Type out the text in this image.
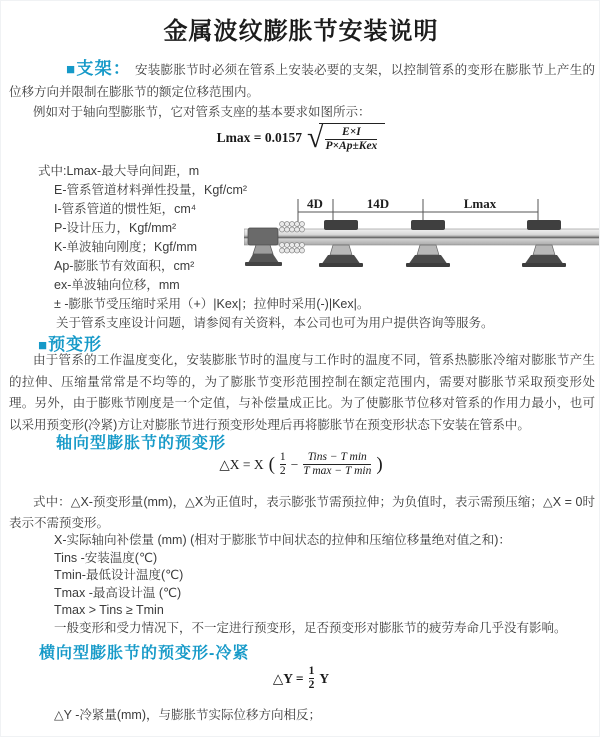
金属波纹膨胀节安装说明
■支架： 安装膨胀节时必须在管系上安装必要的支架，以控制管系的变形在膨胀节上产生的位移方向并限制在膨胀节的额定位移范围内。
例如对于轴向型膨胀节，它对管系支座的基本要求如图所示：
Lmax = 0.0157 √ $\frac{E\times I}{\text{P×Ap±Kex}}$
式中:Lmax-最大导向间距，m
E-管系管道材料弹性投量，Kgf/cm²
I-管系管道的惯性矩，cm⁴
P-设计压力，Kgf/mm²
K-单波轴向刚度；Kgf/mm
Ap-膨胀节有效面积，cm²
ex-单波轴向位移，mm
± -膨胀节受压缩时采用（+）|Kex|；拉伸时采用(-)|Kex|。
关于管系支座设计问题，请参阅有关资料，本公司也可为用户提供咨询等服务。
4D	14D	Lmax
■预变形
由于管系的工作温度变化，安装膨胀节时的温度与工作时的温度不同，管系热膨胀冷缩对膨胀节产生的拉伸、压缩量常常是不均等的，为了膨胀节变形范围控制在额定范围内，需要对膨胀节采取预变形处理。另外，由于膨账节刚度是一个定值，与补偿量成正比。为了使膨胀节位移对管系的作用力最小，也可以采用预变形(冷紧)方让对膨胀节进行预变形处理后再将膨胀节在预变形状态下安装在管系中。
轴向型膨胀节的预变形
△X = X ( $\frac{1}{2} - \frac{\text{Tins − T min}}{\text{T max − T min}}$ )
式中：△X-预变形量(mm)，△X为正值时，表示膨张节需预拉伸；为负值时，表示需预压缩；△X = 0时表示不需预变形。
X-实际轴向补偿量 (mm) (相对于膨胀节中间状态的拉伸和压缩位移量绝对值之和)：
Tins -安装温度(℃)
Tmin-最低设计温度(℃)
Tmax -最高设计温 (℃)
Tmax > Tins ≥ Tmin
一般变形和受力情况下，不一定进行预变形，足否预变形对膨胀节的疲劳寿命几乎没有影响。
横向型膨胀节的预变形-冷紧
△Y = $\frac{1}{2}$ Y
△Y -冷紧量(mm)，与膨胀节实际位移方向相反；
